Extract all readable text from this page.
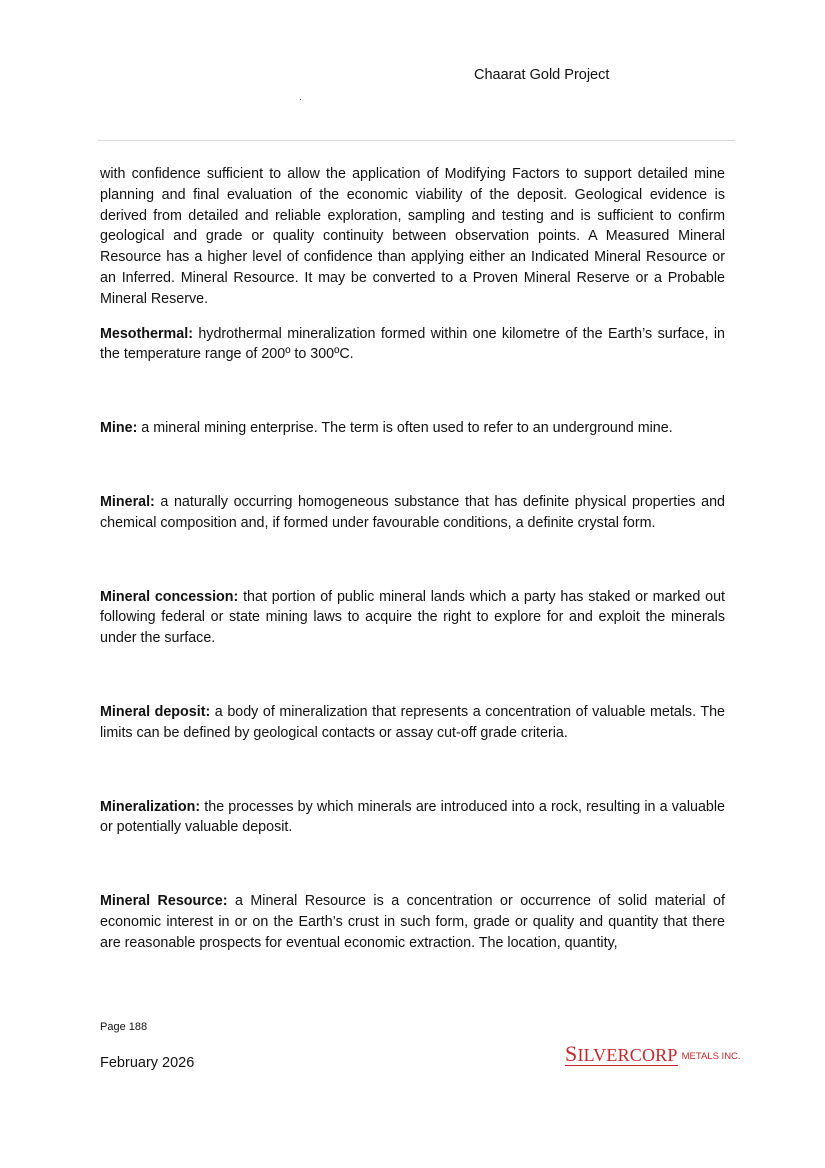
Chaarat Gold Project

with confidence sufficient to allow the application of Modifying Factors to support detailed mine planning and final evaluation of the economic viability of the deposit. Geological evidence is derived from detailed and reliable exploration, sampling and testing and is sufficient to confirm geological and grade or quality continuity between observation points. A Measured Mineral Resource has a higher level of confidence than applying either an Indicated Mineral Resource or an Inferred. Mineral Resource. It may be converted to a Proven Mineral Reserve or a Probable Mineral Reserve.

Mesothermal: hydrothermal mineralization formed within one kilometre of the Earth’s surface, in the temperature range of 200º to 300ºC.

Mine: a mineral mining enterprise. The term is often used to refer to an underground mine.

Mineral: a naturally occurring homogeneous substance that has definite physical properties and chemical composition and, if formed under favourable conditions, a definite crystal form.

Mineral concession: that portion of public mineral lands which a party has staked or marked out following federal or state mining laws to acquire the right to explore for and exploit the minerals under the surface.

Mineral deposit: a body of mineralization that represents a concentration of valuable metals. The limits can be defined by geological contacts or assay cut-off grade criteria.

Mineralization: the processes by which minerals are introduced into a rock, resulting in a valuable or potentially valuable deposit.

Mineral Resource: a Mineral Resource is a concentration or occurrence of solid material of economic interest in or on the Earth’s crust in such form, grade or quality and quantity that there are reasonable prospects for eventual economic extraction. The location, quantity,

Page 188
February 2026	SILVERCORP METALS INC.
